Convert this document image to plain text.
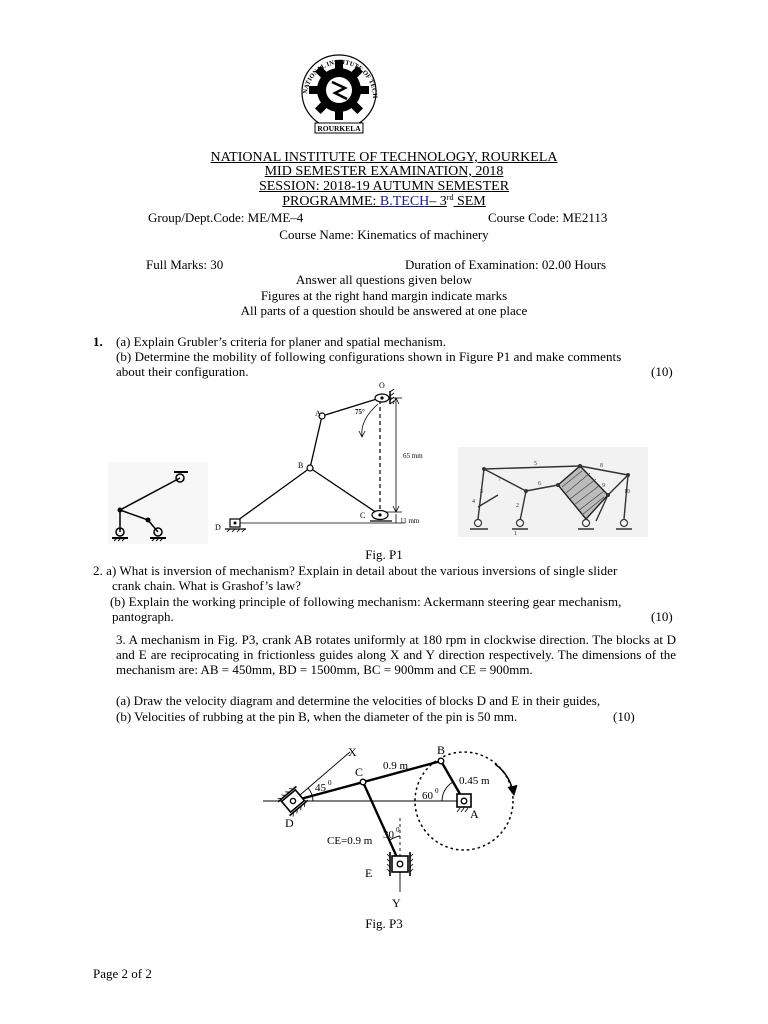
NATIONAL INSTITUTE OF TECHNOLOGY
ROURKELA
NATIONAL INSTITUTE OF TECHNOLOGY, ROURKELA
MID SEMESTER EXAMINATION, 2018
SESSION: 2018-19 AUTUMN SEMESTER
PROGRAMME: B.TECH– 3rd SEM
Group/Dept.Code: ME/ME–4	Course Code: ME2113
Course Name: Kinematics of machinery
Full Marks: 30	Duration of Examination: 02.00 Hours
Answer all questions given below
Figures at the right hand margin indicate marks
All parts of a question should be answered at one place
1. (a) Explain Grubler’s criteria for planer and spatial mechanism.
(b) Determine the mobility of following configurations shown in Figure P1 and make comments
about their configuration.	(10)
65 mm
11 mm
O
A
B
C
D
75°
5	8
7
6
3
4
2
9
10
1
Fig. P1
2. a) What is inversion of mechanism? Explain in detail about the various inversions of single slider
crank chain. What is Grashof’s law?
(b) Explain the working principle of following mechanism: Ackermann steering gear mechanism,
pantograph.	(10)
3. A mechanism in Fig. P3, crank AB rotates uniformly at 180 rpm in clockwise direction. The blocks at D and E are reciprocating in frictionless guides along X and Y direction respectively. The dimensions of the mechanism are: AB = 450mm, BD = 1500mm, BC = 900mm and CE = 900mm.
(a) Draw the velocity diagram and determine the velocities of blocks D and E in their guides,
(b) Velocities of rubbing at the pin B, when the diameter of the pin is 50 mm.	(10)
X	B
C
D
A
E
Y
0.9 m
0.45 m
45 0
60 0
30 0
CE=0.9 m
Fig. P3
Page 2 of 2
